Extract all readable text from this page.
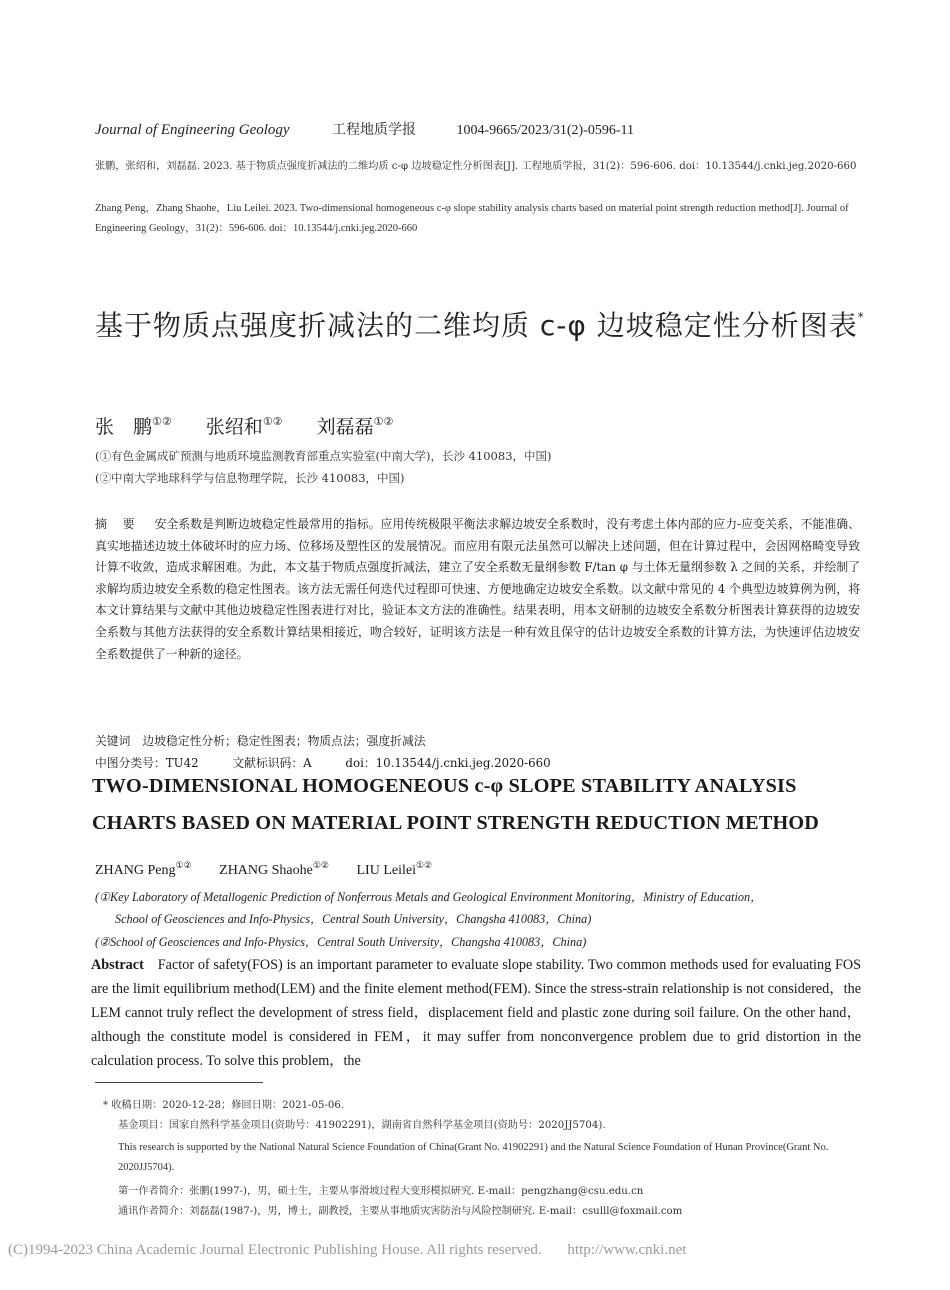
Journal of Engineering Geology	工程地质学报	1004-9665/2023/31(2)-0596-11
张鹏，张绍和，刘磊磊. 2023. 基于物质点强度折减法的二维均质 c-φ 边坡稳定性分析图表[J]. 工程地质学报，31(2)：596-606. doi：10.13544/j.cnki.jeg.2020-660
Zhang Peng，Zhang Shaohe，Liu Leilei. 2023. Two-dimensional homogeneous c-φ slope stability analysis charts based on material point strength reduction method[J]. Journal of Engineering Geology，31(2)：596-606. doi：10.13544/j.cnki.jeg.2020-660
基于物质点强度折减法的二维均质 c-φ 边坡稳定性分析图表*
张　鹏①② 张绍和①② 刘磊磊①②
(①有色金属成矿预测与地质环境监测教育部重点实验室(中南大学)，长沙 410083，中国)
(②中南大学地球科学与信息物理学院，长沙 410083，中国)
摘 要 安全系数是判断边坡稳定性最常用的指标。应用传统极限平衡法求解边坡安全系数时，没有考虑土体内部的应力-应变关系，不能准确、真实地描述边坡土体破坏时的应力场、位移场及塑性区的发展情况。而应用有限元法虽然可以解决上述问题，但在计算过程中，会因网格畸变导致计算不收敛，造成求解困难。为此，本文基于物质点强度折减法，建立了安全系数无量纲参数 F/tan φ 与土体无量纲参数 λ 之间的关系，并绘制了求解均质边坡安全系数的稳定性图表。该方法无需任何迭代过程即可快速、方便地确定边坡安全系数。以文献中常见的 4 个典型边坡算例为例，将本文计算结果与文献中其他边坡稳定性图表进行对比，验证本文方法的准确性。结果表明，用本文研制的边坡安全系数分析图表计算获得的边坡安全系数与其他方法获得的安全系数计算结果相接近，吻合较好，证明该方法是一种有效且保守的估计边坡安全系数的计算方法，为快速评估边坡安全系数提供了一种新的途径。
关键词 边坡稳定性分析；稳定性图表；物质点法；强度折减法
中图分类号：TU42	文献标识码：A	doi：10.13544/j.cnki.jeg.2020-660
TWO-DIMENSIONAL HOMOGENEOUS c-φ SLOPE STABILITY ANALYSIS CHARTS BASED ON MATERIAL POINT STRENGTH REDUCTION METHOD
ZHANG Peng①② ZHANG Shaohe①② LIU Leilei①②
(①Key Laboratory of Metallogenic Prediction of Nonferrous Metals and Geological Environment Monitoring，Ministry of Education，
School of Geosciences and Info-Physics，Central South University，Changsha 410083，China)
(②School of Geosciences and Info-Physics，Central South University，Changsha 410083，China)
Abstract Factor of safety(FOS) is an important parameter to evaluate slope stability. Two common methods used for evaluating FOS are the limit equilibrium method(LEM) and the finite element method(FEM). Since the stress-strain relationship is not considered，the LEM cannot truly reflect the development of stress field，displacement field and plastic zone during soil failure. On the other hand，although the constitute model is considered in FEM，it may suffer from nonconvergence problem due to grid distortion in the calculation process. To solve this problem，the
* 收稿日期：2020-12-28；修回日期：2021-05-06.
基金项目：国家自然科学基金项目(资助号：41902291)，湖南省自然科学基金项目(资助号：2020JJ5704).
This research is supported by the National Natural Science Foundation of China(Grant No. 41902291) and the Natural Science Foundation of Hunan Province(Grant No. 2020JJ5704).
第一作者简介：张鹏(1997-)，男，硕士生，主要从事滑坡过程大变形模拟研究. E-mail：pengzhang@csu.edu.cn
通讯作者简介：刘磊磊(1987-)，男，博士，副教授，主要从事地质灾害防治与风险控制研究. E-mail：csulll@foxmail.com
(C)1994-2023 China Academic Journal Electronic Publishing House. All rights reserved. http://www.cnki.net
